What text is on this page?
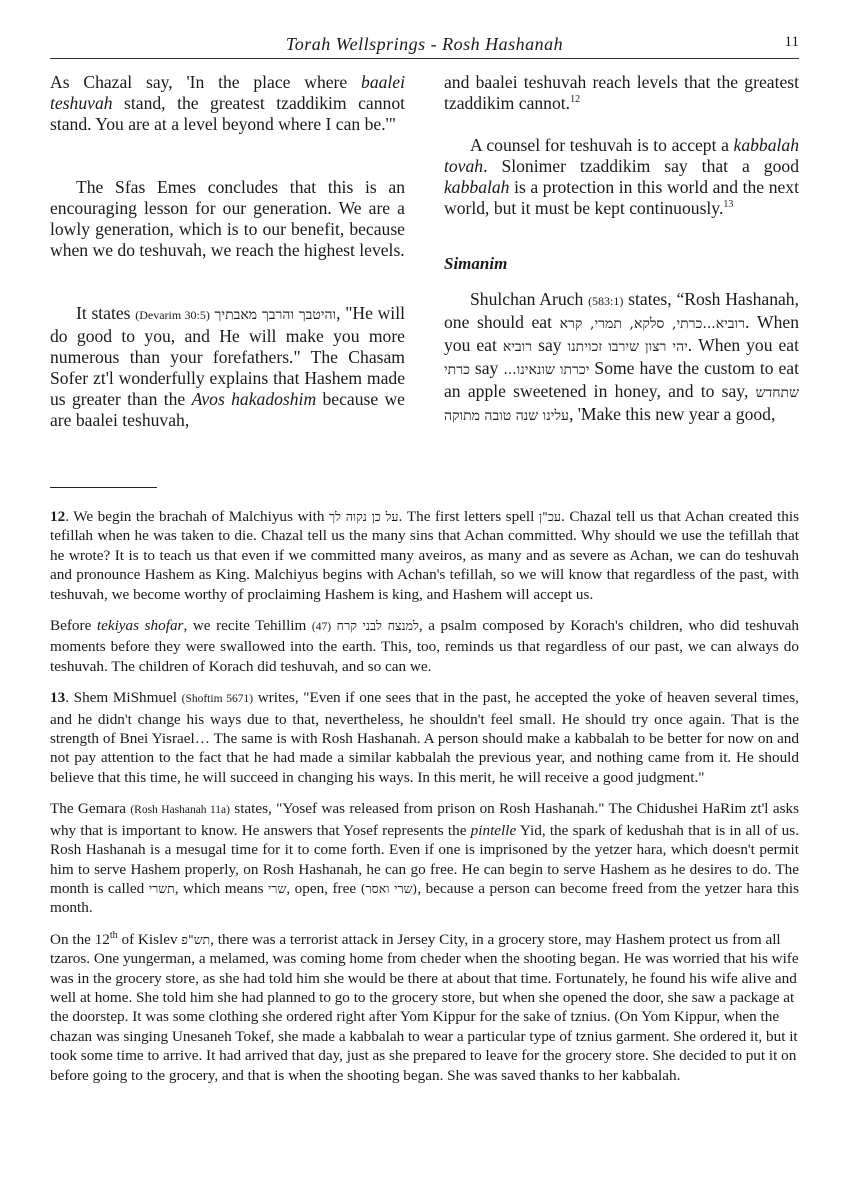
Torah Wellsprings - Rosh Hashanah	11

As Chazal say, 'In the place where baalei teshuvah stand, the greatest tzaddikim cannot stand. You are at a level beyond where I can be.'"

The Sfas Emes concludes that this is an encouraging lesson for our generation. We are a lowly generation, which is to our benefit, because when we do teshuvah, we reach the highest levels.

It states (Devarim 30:5) והיטבך והרבך מאבתיך, "He will do good to you, and He will make you more numerous than your forefathers." The Chasam Sofer zt'l wonderfully explains that Hashem made us greater than the Avos hakadoshim because we are baalei teshuvah,

and baalei teshuvah reach levels that the greatest tzaddikim cannot.$^{12}$

A counsel for teshuvah is to accept a kabbalah tovah. Slonimer tzaddikim say that a good kabbalah is a protection in this world and the next world, but it must be kept continuously.$^{13}$

Simanim

Shulchan Aruch (583:1) states, “Rosh Hashanah, one should eat רוביא...כרתי, סלקא, תמרי, קרא. When you eat רוביא say יהי רצון שירבו זכויתנו. When you eat כרתי say יכרתו שונאינו... Some have the custom to eat an apple sweetened in honey, and to say, שתחדש עלינו שנה טובה מתוקה, 'Make this new year a good,

12. We begin the brachah of Malchiyus with על כן נקוה לך. The first letters spell עכ"ן. Chazal tell us that Achan created this tefillah when he was taken to die. Chazal tell us the many sins that Achan committed. Why should we use the tefillah that he wrote? It is to teach us that even if we committed many aveiros, as many and as severe as Achan, we can do teshuvah and pronounce Hashem as King. Malchiyus begins with Achan's tefillah, so we will know that regardless of the past, with teshuvah, we become worthy of proclaiming Hashem is king, and Hashem will accept us.

Before tekiyas shofar, we recite Tehillim (47) למנצח לבני קרח, a psalm composed by Korach's children, who did teshuvah moments before they were swallowed into the earth. This, too, reminds us that regardless of our past, we can always do teshuvah. The children of Korach did teshuvah, and so can we.

13. Shem MiShmuel (Shoftim 5671) writes, "Even if one sees that in the past, he accepted the yoke of heaven several times, and he didn't change his ways due to that, nevertheless, he shouldn't feel small. He should try once again. That is the strength of Bnei Yisrael… The same is with Rosh Hashanah. A person should make a kabbalah to be better for now on and not pay attention to the fact that he had made a similar kabbalah the previous year, and nothing came from it. He should believe that this time, he will succeed in changing his ways. In this merit, he will receive a good judgment."

The Gemara (Rosh Hashanah 11a) states, "Yosef was released from prison on Rosh Hashanah." The Chidushei HaRim zt'l asks why that is important to know. He answers that Yosef represents the pintelle Yid, the spark of kedushah that is in all of us. Rosh Hashanah is a mesugal time for it to come forth. Even if one is imprisoned by the yetzer hara, which doesn't permit him to serve Hashem properly, on Rosh Hashanah, he can go free. He can begin to serve Hashem as he desires to do. The month is called תשרי, which means שרי, open, free (שרי ואסר), because a person can become freed from the yetzer hara this month.

On the 12th of Kislev תש"פ, there was a terrorist attack in Jersey City, in a grocery store, may Hashem protect us from all tzaros. One yungerman, a melamed, was coming home from cheder when the shooting began. He was worried that his wife was in the grocery store, as she had told him she would be there at about that time. Fortunately, he found his wife alive and well at home. She told him she had planned to go to the grocery store, but when she opened the door, she saw a package at the doorstep. It was some clothing she ordered right after Yom Kippur for the sake of tznius. (On Yom Kippur, when the chazan was singing Unesaneh Tokef, she made a kabbalah to wear a particular type of tznius garment. She ordered it, but it took some time to arrive. It had arrived that day, just as she prepared to leave for the grocery store. She decided to put it on before going to the grocery, and that is when the shooting began. She was saved thanks to her kabbalah.
